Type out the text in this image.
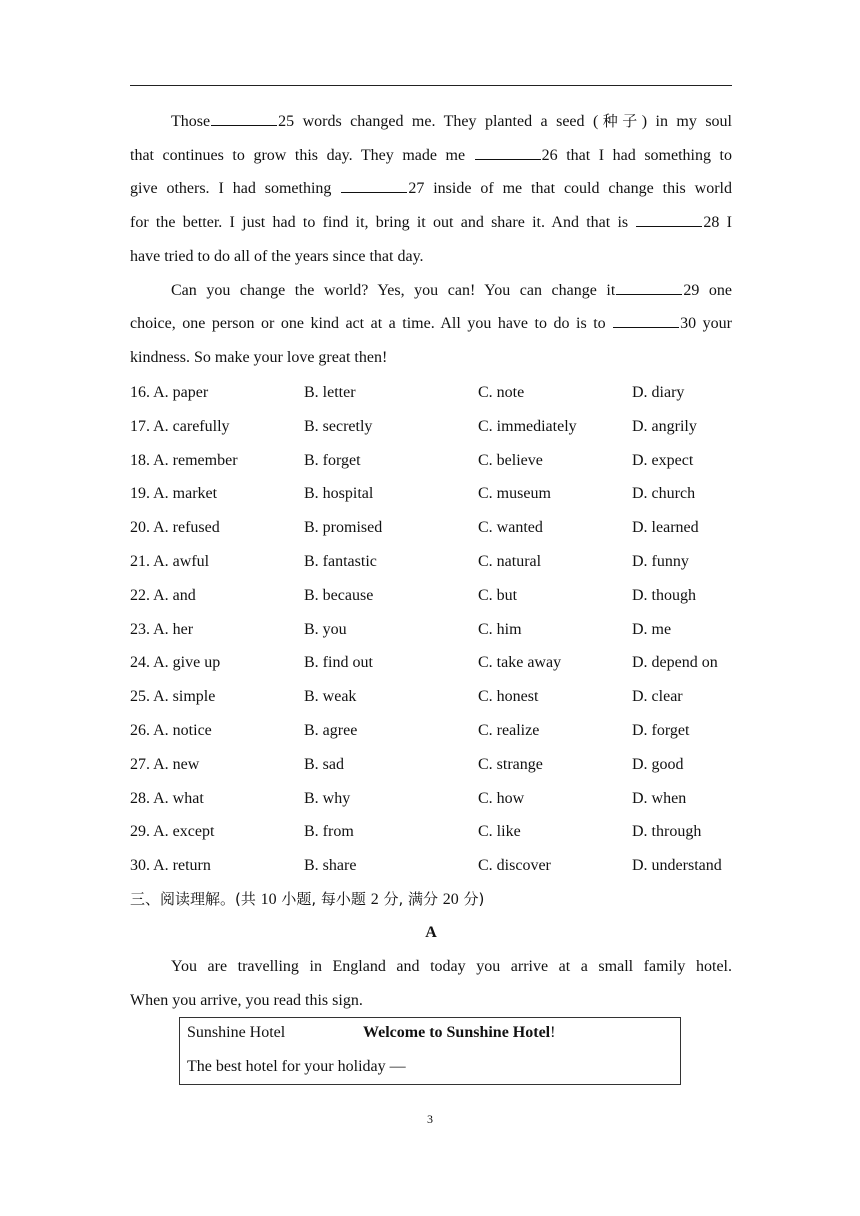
Those	25 words changed me. They planted a seed (种子) in my soul
that continues to grow this day. They made me	26 that I had something to
give others. I had something	27 inside of me that could change this world
for the better. I just had to find it, bring it out and share it. And that is	28 I
have tried to do all of the years since that day.
Can you change the world? Yes, you can! You can change it	29 one
choice, one person or one kind act at a time. All you have to do is to	30 your
kindness. So make your love great then!
16. A. paper	B. letter	C. note	D. diary
17. A. carefully	B. secretly	C. immediately	D. angrily
18. A. remember	B. forget	C. believe	D. expect
19. A. market	B. hospital	C. museum	D. church
20. A. refused	B. promised	C. wanted	D. learned
21. A. awful	B. fantastic	C. natural	D. funny
22. A. and	B. because	C. but	D. though
23. A. her	B. you	C. him	D. me
24. A. give up	B. find out	C. take away	D. depend on
25. A. simple	B. weak	C. honest	D. clear
26. A. notice	B. agree	C. realize	D. forget
27. A. new	B. sad	C. strange	D. good
28. A. what	B. why	C. how	D. when
29. A. except	B. from	C. like	D. through
30. A. return	B. share	C. discover	D. understand
三、阅读理解。(共 10 小题, 每小题 2 分, 满分 20 分)
A
You are travelling in England and today you arrive at a small family hotel.
When you arrive, you read this sign.
Sunshine Hotel	Welcome to Sunshine Hotel!
The best hotel for your holiday —
3
